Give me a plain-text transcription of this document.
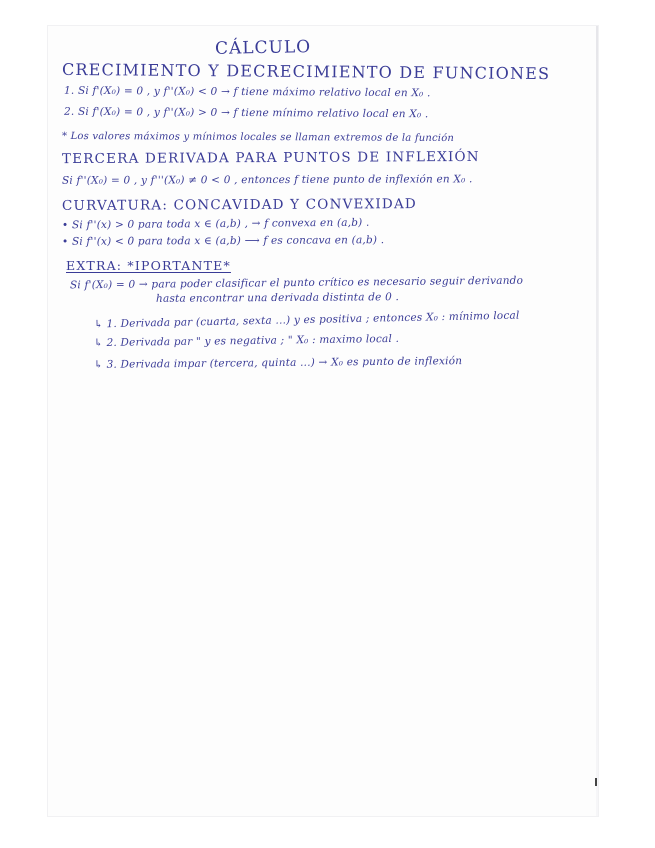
CÁLCULO
CRECIMIENTO Y DECRECIMIENTO DE FUNCIONES
1. Si f'(X₀) = 0 , y f''(X₀) < 0 → f tiene máximo relativo local en X₀ .
2. Si f'(X₀) = 0 , y f''(X₀) > 0 → f tiene mínimo relativo local en X₀ .
* Los valores máximos y mínimos locales se llaman extremos de la función
TERCERA DERIVADA PARA PUNTOS DE INFLEXIÓN
Si f''(X₀) = 0 , y f'''(X₀) ≠ 0 < 0 , entonces f tiene punto de inflexión en X₀ .
CURVATURA: CONCAVIDAD Y CONVEXIDAD
• Si f''(x) > 0 para toda x ∈ (a,b) , → f convexa en (a,b) .
• Si f''(x) < 0 para toda x ∈ (a,b) ⟶ f es concava en (a,b) .
EXTRA: *IPORTANTE*
Si f'(X₀) = 0 → para poder clasificar el punto crítico es necesario seguir derivando
hasta encontrar una derivada distinta de 0 .
↳ 1. Derivada par (cuarta, sexta ...) y es positiva ; entonces X₀ : mínimo local
↳ 2. Derivada par " y es negativa ; " X₀ : maximo local .
↳ 3. Derivada impar (tercera, quinta ...) → X₀ es punto de inflexión
